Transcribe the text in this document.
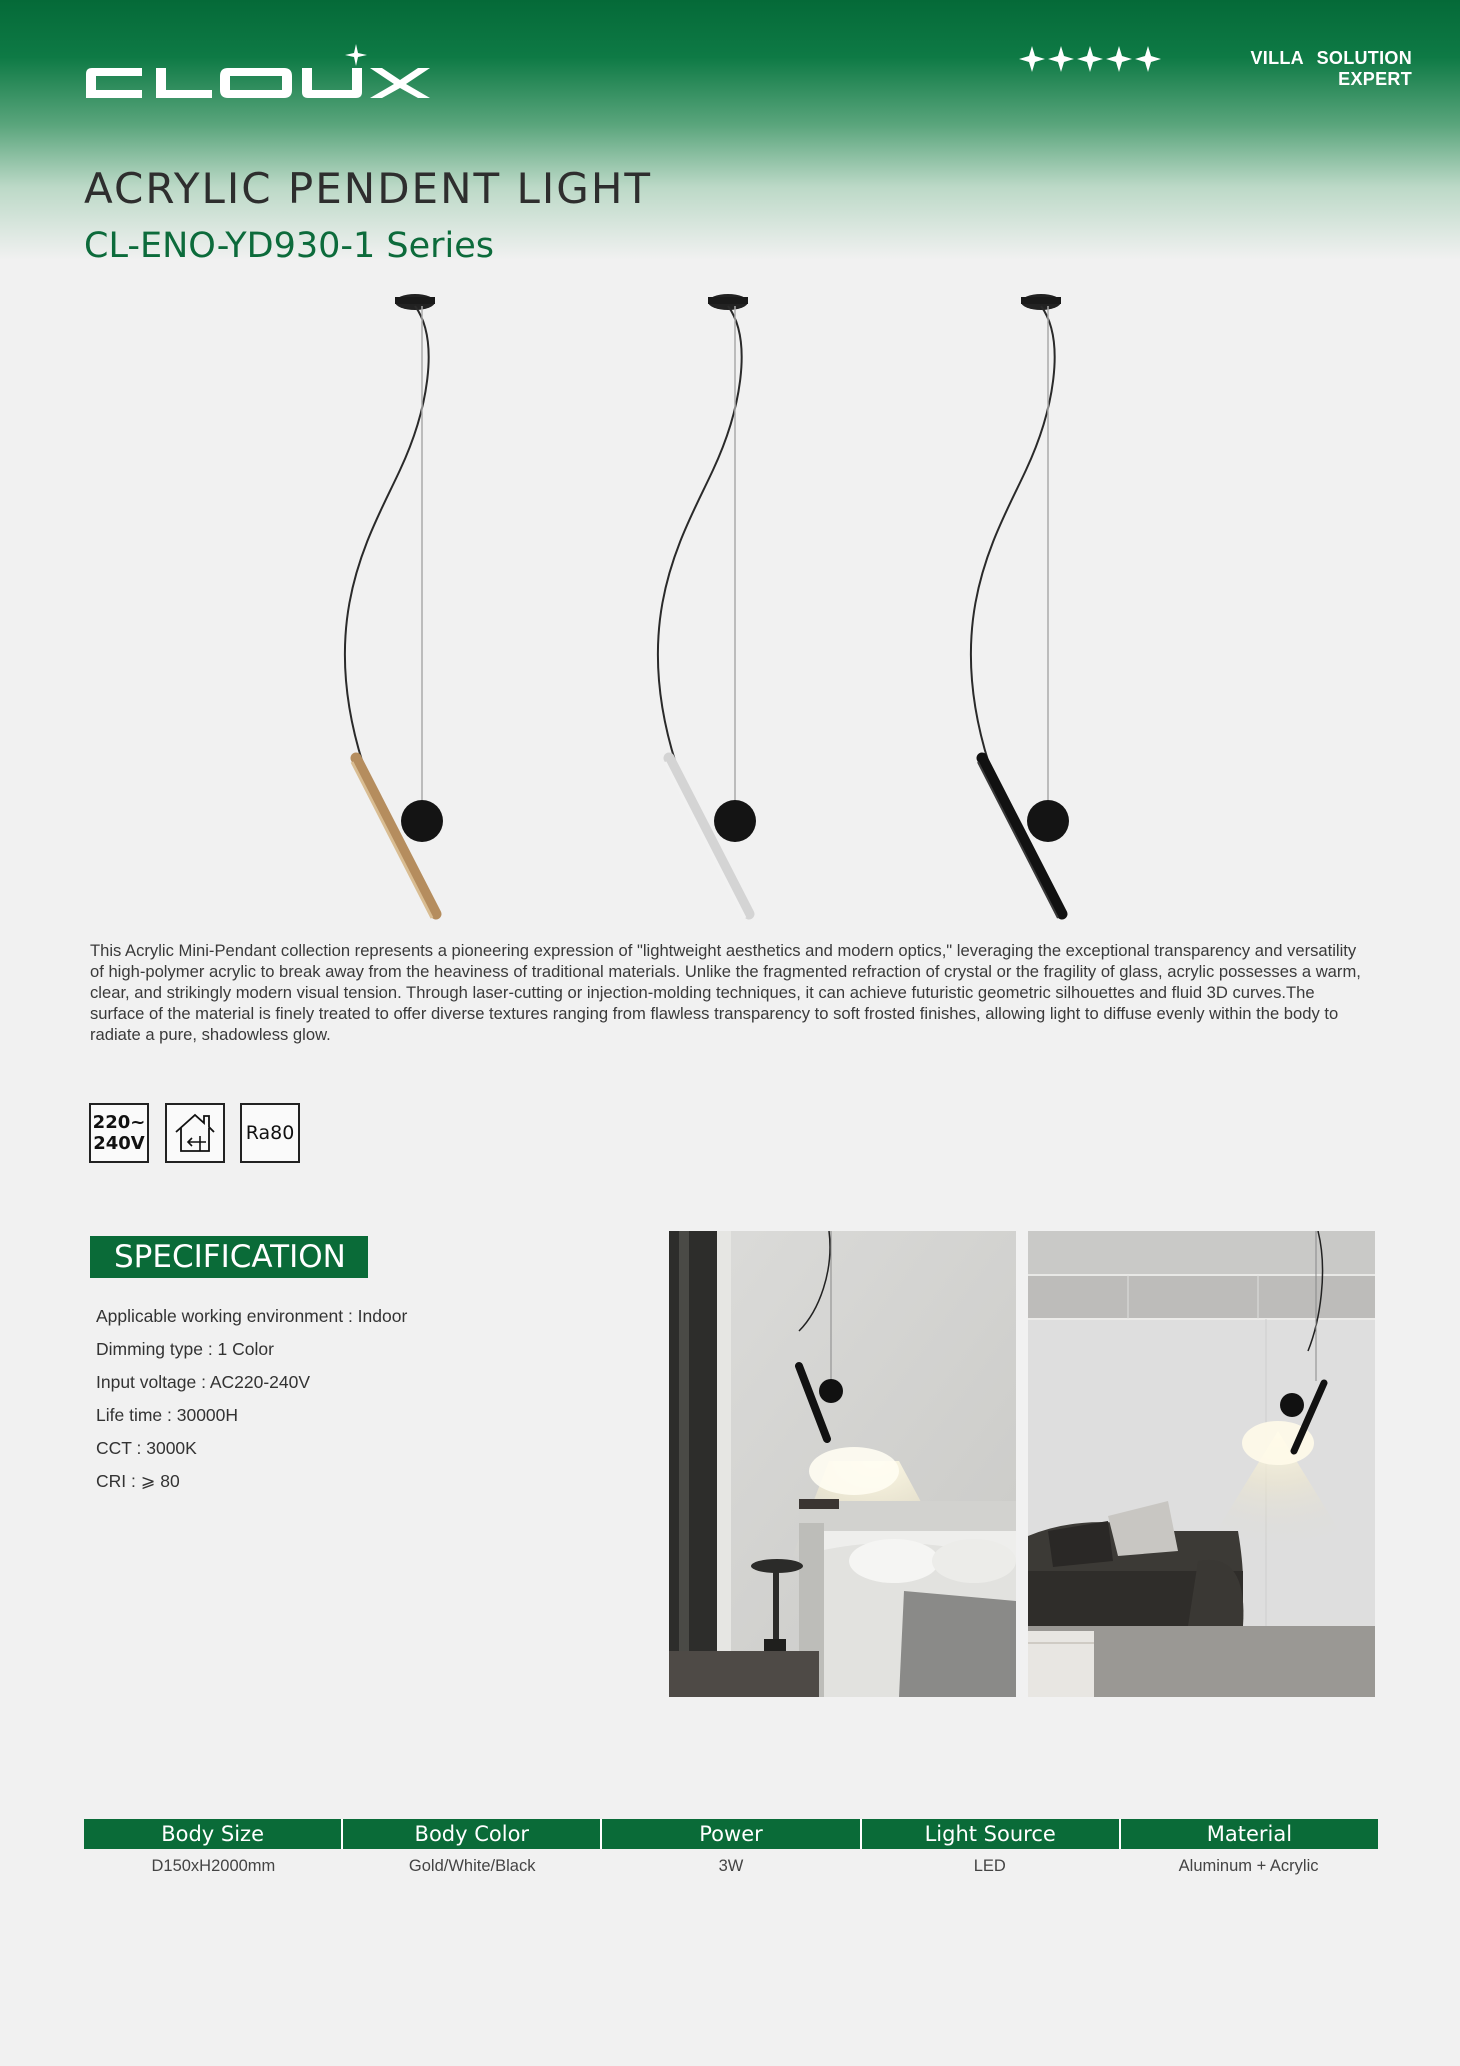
VILLA SOLUTION EXPERT
ACRYLIC PENDENT LIGHT
CL-ENO-YD930-1 Series

This Acrylic Mini-Pendant collection represents a pioneering expression of "lightweight aesthetics and modern optics," leveraging the exceptional transparency and versatility of high-polymer acrylic to break away from the heaviness of traditional materials. Unlike the fragmented refraction of crystal or the fragility of glass, acrylic possesses a warm, clear, and strikingly modern visual tension. Through laser-cutting or injection-molding techniques, it can achieve futuristic geometric silhouettes and fluid 3D curves.The surface of the material is finely treated to offer diverse textures ranging from flawless transparency to soft frosted finishes, allowing light to diffuse evenly within the body to radiate a pure, shadowless glow.

220~
240V	Ra80
SPECIFICATION
Applicable working environment : Indoor
Dimming type : 1 Color
Input voltage : AC220-240V
Life time : 30000H
CCT : 3000K
CRI : ⩾ 80
Body Size	Body Color	Power	Light Source	Material
D150xH2000mm	Gold/White/Black	3W	LED	Aluminum + Acrylic
